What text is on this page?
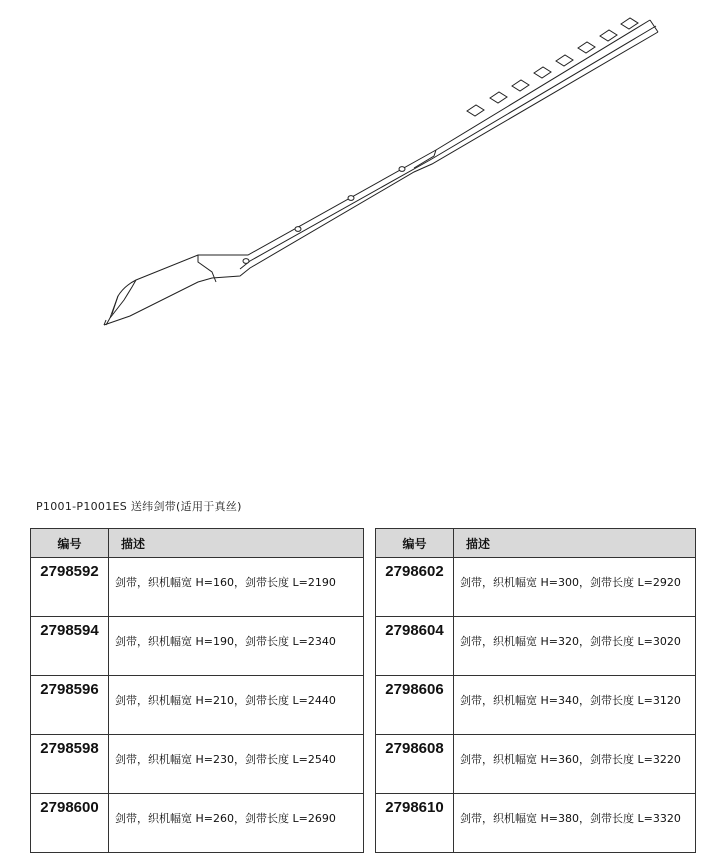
P1001-P1001ES 送纬剑带(适用于真丝)
编号	描述
2798592	剑带，织机幅宽 H=160，剑带长度 L=2190
2798594	剑带，织机幅宽 H=190，剑带长度 L=2340
2798596	剑带，织机幅宽 H=210，剑带长度 L=2440
2798598	剑带，织机幅宽 H=230，剑带长度 L=2540
2798600	剑带，织机幅宽 H=260，剑带长度 L=2690
编号	描述
2798602	剑带，织机幅宽 H=300，剑带长度 L=2920
2798604	剑带，织机幅宽 H=320，剑带长度 L=3020
2798606	剑带，织机幅宽 H=340，剑带长度 L=3120
2798608	剑带，织机幅宽 H=360，剑带长度 L=3220
2798610	剑带，织机幅宽 H=380，剑带长度 L=3320
